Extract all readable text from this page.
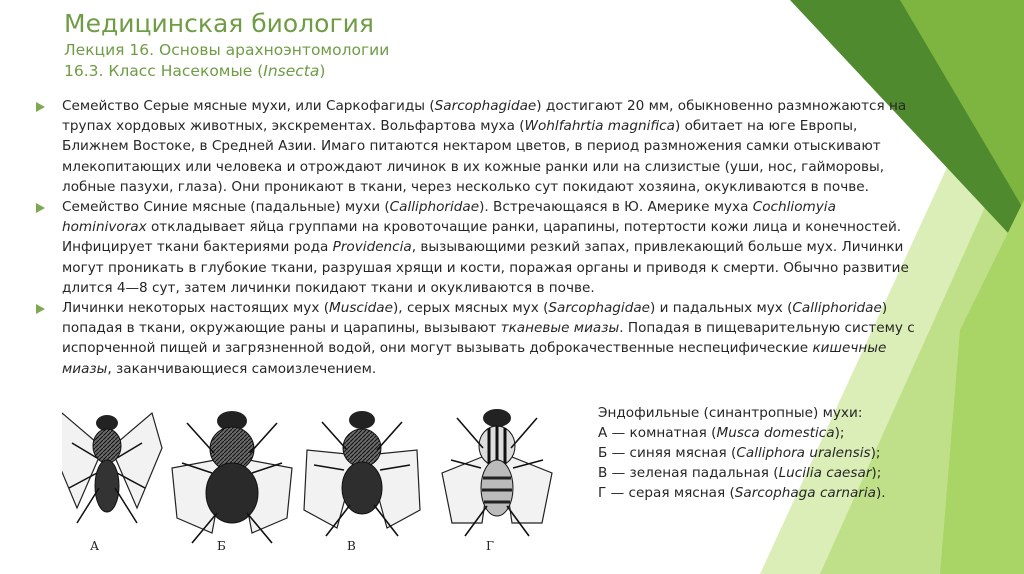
Медицинская биология
Лекция 16. Основы арахноэнтомологии
16.3. Класс Насекомые (Insecta)
Семейство Серые мясные мухи, или Саркофагиды (Sarcophagidae) достигают 20 мм, обыкновенно размножаются на
трупах хордовых животных, экскрементах. Вольфартова муха (Wohlfahrtia magnifica) обитает на юге Европы,
Ближнем Востоке, в Средней Азии. Имаго питаются нектаром цветов, в период размножения самки отыскивают
млекопитающих или человека и отрождают личинок в их кожные ранки или на слизистые (уши, нос, гайморовы,
лобные пазухи, глаза). Они проникают в ткани, через несколько сут покидают хозяина, окукливаются в почве.
Семейство Синие мясные (падальные) мухи (Calliphoridae). Встречающаяся в Ю. Америке муха Cochliomyia
hominivorax откладывает яйца группами на кровоточащие ранки, царапины, потертости кожи лица и конечностей.
Инфицирует ткани бактериями рода Providencia, вызывающими резкий запах, привлекающий больше мух. Личинки
могут проникать в глубокие ткани, разрушая хрящи и кости, поражая органы и приводя к смерти. Обычно развитие
длится 4—8 сут, затем личинки покидают ткани и окукливаются в почве.
Личинки некоторых настоящих мух (Muscidae), серых мясных мух (Sarcophagidae) и падальных мух (Calliphoridae)
попадая в ткани, окружающие раны и царапины, вызывают тканевые миазы. Попадая в пищеварительную систему с
испорченной пищей и загрязненной водой, они могут вызывать доброкачественные неспецифические кишечные
миазы, заканчивающиеся самоизлечением.
А	Б	В	Г
Эндофильные (синантропные) мухи:
А — комнатная (Musca domestica);
Б — синяя мясная (Calliphora uralensis);
В — зеленая падальная (Lucilia caesar);
Г — серая мясная (Sarcophaga carnaria).
